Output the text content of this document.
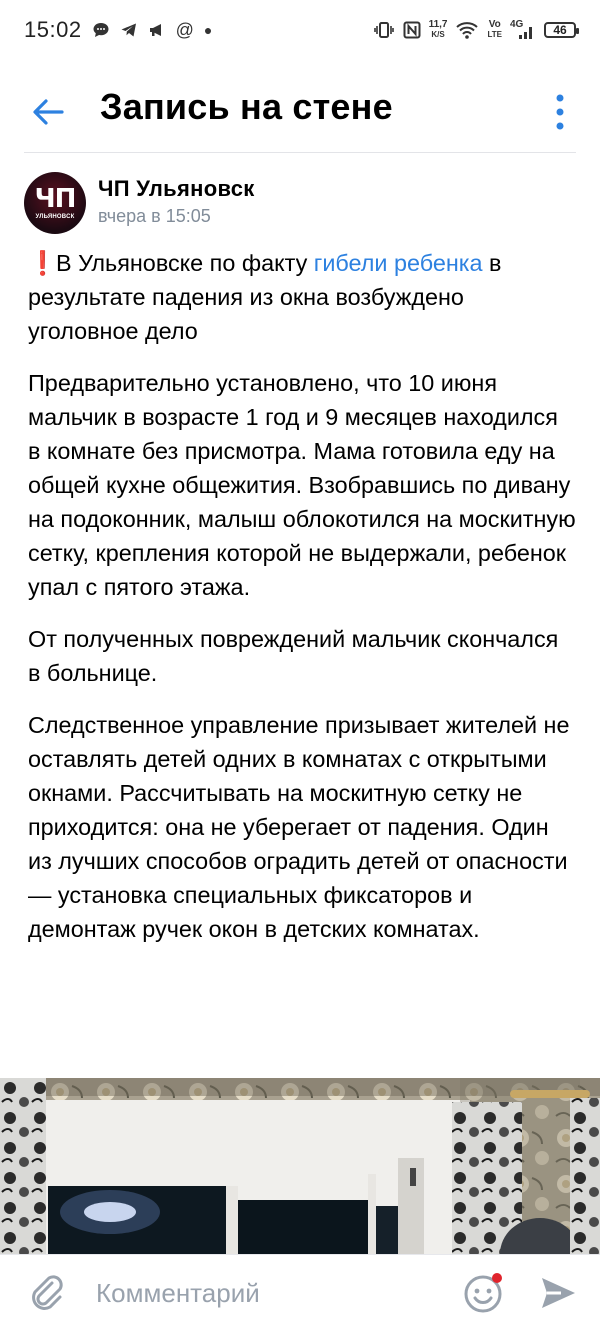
15:02	@ ●	11,7
K/S
Vo
LTE
4G 46
Запись на стене
ЧП
УЛЬЯНОВСК
ЧП Ульяновск
вчера в 15:05

❗В Ульяновске по факту гибели ребенка в результате падения из окна возбуждено уголовное дело

Предварительно установлено, что 10 июня мальчик в возрасте 1 год и 9 месяцев находился в комнате без присмотра. Мама готовила еду на общей кухне общежития. Взобравшись по дивану на подоконник, малыш облокотился на москитную сетку, крепления которой не выдержали, ребенок упал с пятого этажа.

От полученных повреждений мальчик скончался в больнице.

Следственное управление призывает жителей не оставлять детей одних в комнатах с открытыми окнами. Рассчитывать на москитную сетку не приходится: она не уберегает от падения. Один из лучших способов оградить детей от опасности — установка специальных фиксаторов и демонтаж ручек окон в детских комнатах.

Комментарий
